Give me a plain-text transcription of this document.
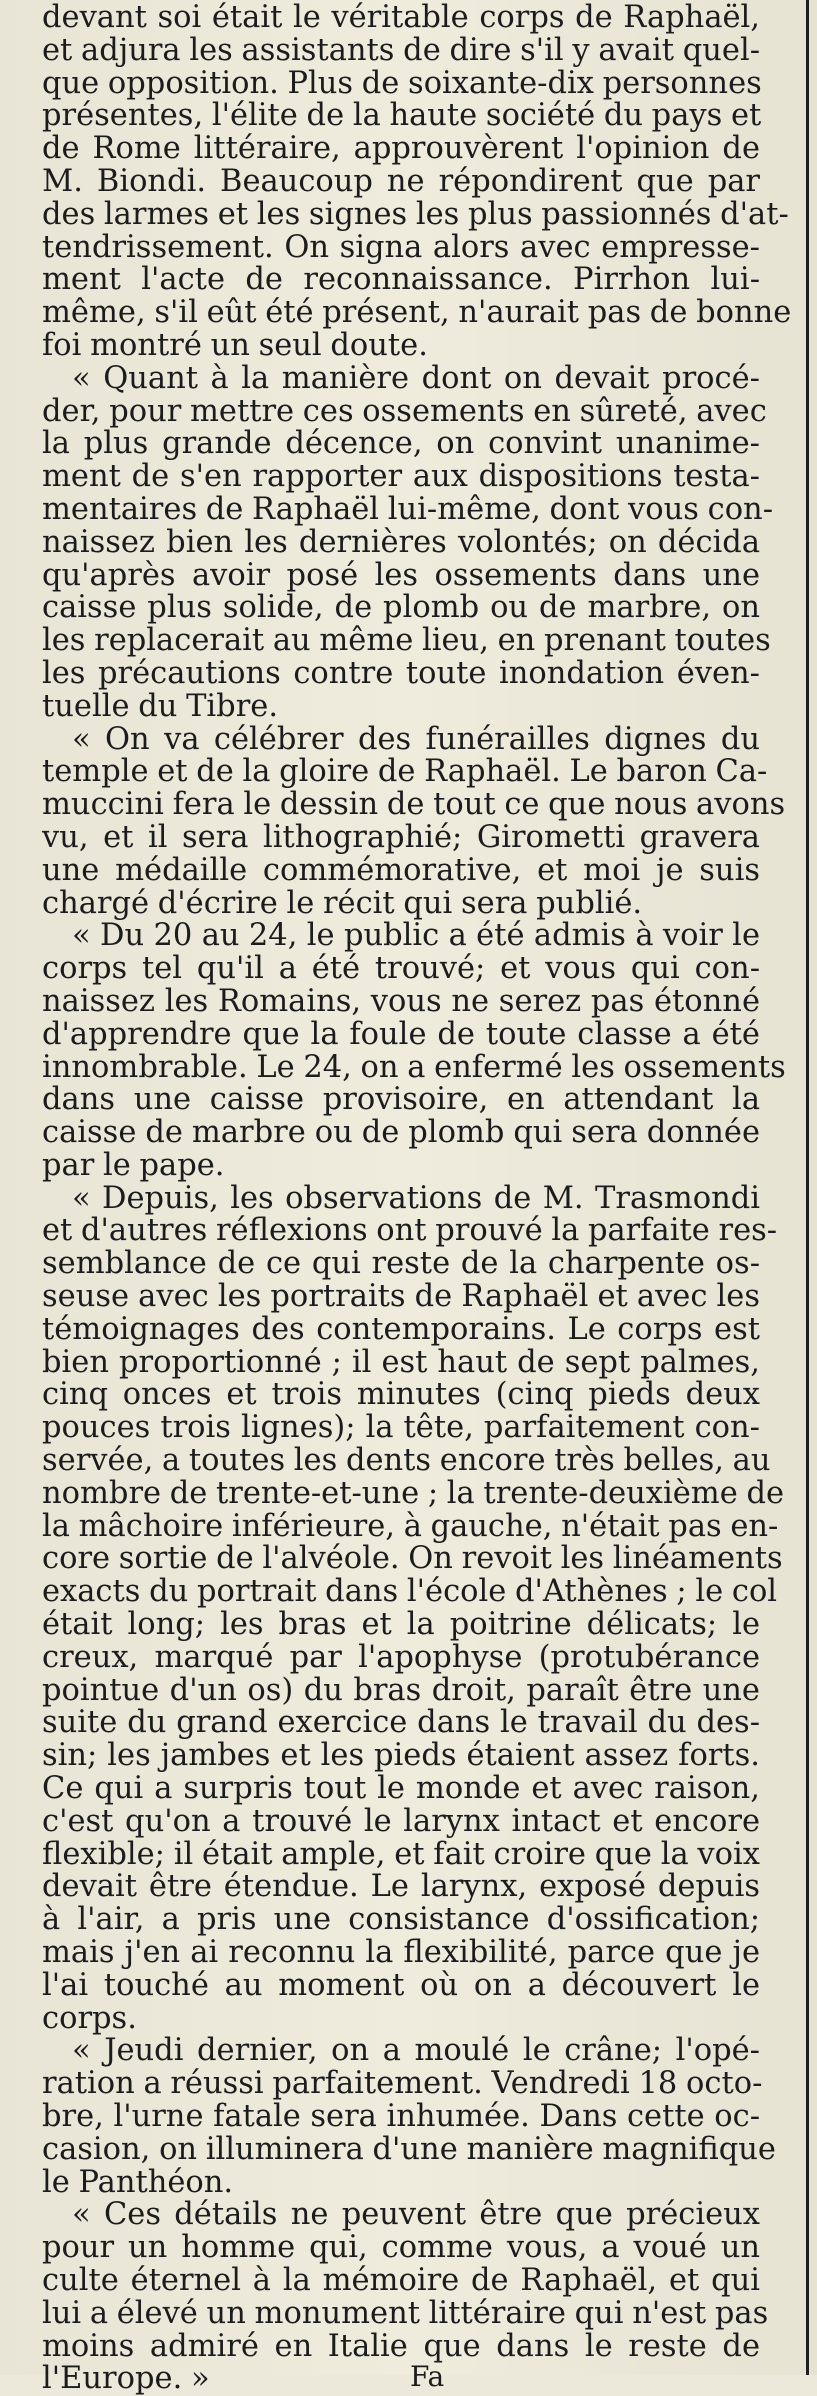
devant soi était le véritable corps de Raphaël,
et adjura les assistants de dire s'il y avait quel-
que opposition. Plus de soixante-dix personnes
présentes, l'élite de la haute société du pays et
de Rome littéraire, approuvèrent l'opinion de
M. Biondi. Beaucoup ne répondirent que par
des larmes et les signes les plus passionnés d'at-
tendrissement. On signa alors avec empresse-
ment l'acte de reconnaissance. Pirrhon lui-
même, s'il eût été présent, n'aurait pas de bonne
foi montré un seul doute.
« Quant à la manière dont on devait procé-
der, pour mettre ces ossements en sûreté, avec
la plus grande décence, on convint unanime-
ment de s'en rapporter aux dispositions testa-
mentaires de Raphaël lui-même, dont vous con-
naissez bien les dernières volontés; on décida
qu'après avoir posé les ossements dans une
caisse plus solide, de plomb ou de marbre, on
les replacerait au même lieu, en prenant toutes
les précautions contre toute inondation éven-
tuelle du Tibre.
« On va célébrer des funérailles dignes du
temple et de la gloire de Raphaël. Le baron Ca-
muccini fera le dessin de tout ce que nous avons
vu, et il sera lithographié; Girometti gravera
une médaille commémorative, et moi je suis
chargé d'écrire le récit qui sera publié.
« Du 20 au 24, le public a été admis à voir le
corps tel qu'il a été trouvé; et vous qui con-
naissez les Romains, vous ne serez pas étonné
d'apprendre que la foule de toute classe a été
innombrable. Le 24, on a enfermé les ossements
dans une caisse provisoire, en attendant la
caisse de marbre ou de plomb qui sera donnée
par le pape.
« Depuis, les observations de M. Trasmondi
et d'autres réflexions ont prouvé la parfaite res-
semblance de ce qui reste de la charpente os-
seuse avec les portraits de Raphaël et avec les
témoignages des contemporains. Le corps est
bien proportionné ; il est haut de sept palmes,
cinq onces et trois minutes (cinq pieds deux
pouces trois lignes); la tête, parfaitement con-
servée, a toutes les dents encore très belles, au
nombre de trente-et-une ; la trente-deuxième de
la mâchoire inférieure, à gauche, n'était pas en-
core sortie de l'alvéole. On revoit les linéaments
exacts du portrait dans l'école d'Athènes ; le col
était long; les bras et la poitrine délicats; le
creux, marqué par l'apophyse (protubérance
pointue d'un os) du bras droit, paraît être une
suite du grand exercice dans le travail du des-
sin; les jambes et les pieds étaient assez forts.
Ce qui a surpris tout le monde et avec raison,
c'est qu'on a trouvé le larynx intact et encore
flexible; il était ample, et fait croire que la voix
devait être étendue. Le larynx, exposé depuis
à l'air, a pris une consistance d'ossification;
mais j'en ai reconnu la flexibilité, parce que je
l'ai touché au moment où on a découvert le
corps.
« Jeudi dernier, on a moulé le crâne; l'opé-
ration a réussi parfaitement. Vendredi 18 octo-
bre, l'urne fatale sera inhumée. Dans cette oc-
casion, on illuminera d'une manière magnifique
le Panthéon.
« Ces détails ne peuvent être que précieux
pour un homme qui, comme vous, a voué un
culte éternel à la mémoire de Raphaël, et qui
lui a élevé un monument littéraire qui n'est pas
moins admiré en Italie que dans le reste de
l'Europe. »	Fa
